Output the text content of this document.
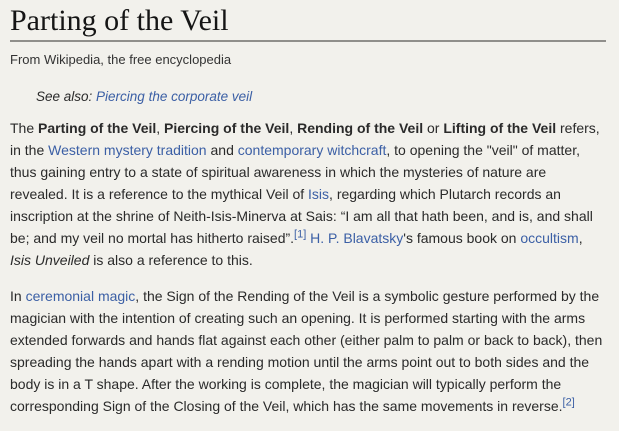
Parting of the Veil
From Wikipedia, the free encyclopedia
See also: Piercing the corporate veil

The Parting of the Veil, Piercing of the Veil, Rending of the Veil or Lifting of the Veil refers, in the Western mystery tradition and contemporary witchcraft, to opening the "veil" of matter, thus gaining entry to a state of spiritual awareness in which the mysteries of nature are revealed. It is a reference to the mythical Veil of Isis, regarding which Plutarch records an inscription at the shrine of Neith-Isis-Minerva at Sais: “I am all that hath been, and is, and shall be; and my veil no mortal has hitherto raised”.[1] H. P. Blavatsky's famous book on occultism, Isis Unveiled is also a reference to this.

In ceremonial magic, the Sign of the Rending of the Veil is a symbolic gesture performed by the magician with the intention of creating such an opening. It is performed starting with the arms extended forwards and hands flat against each other (either palm to palm or back to back), then spreading the hands apart with a rending motion until the arms point out to both sides and the body is in a T shape. After the working is complete, the magician will typically perform the corresponding Sign of the Closing of the Veil, which has the same movements in reverse.[2]
